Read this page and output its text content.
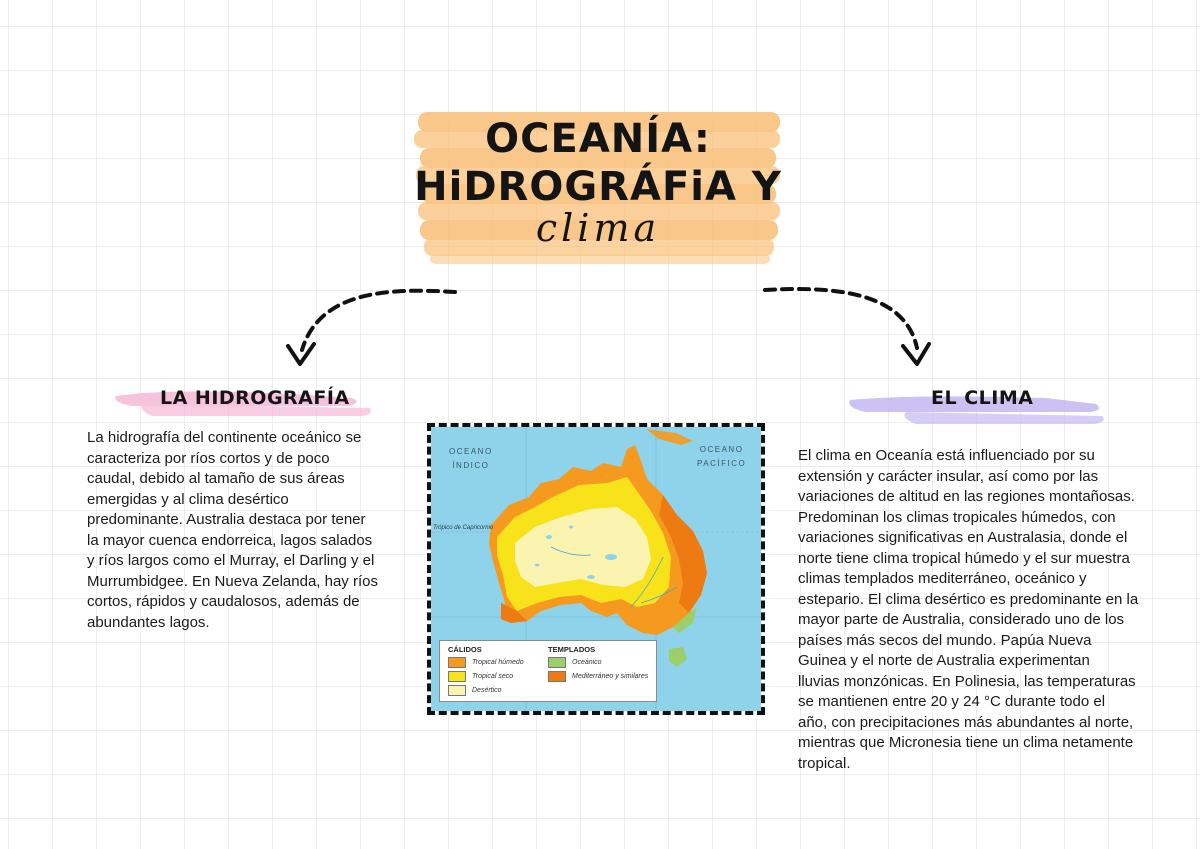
OCEANÍA:
HiDROGRÁFiA Y
clima
LA HIDROGRAFÍA
La hidrografía del continente oceánico se
caracteriza por ríos cortos y de poco
caudal, debido al tamaño de sus áreas
emergidas y al clima desértico
predominante. Australia destaca por tener
la mayor cuenca endorreica, lagos salados
y ríos largos como el Murray, el Darling y el
Murrumbidgee. En Nueva Zelanda, hay ríos
cortos, rápidos y caudalosos, además de
abundantes lagos.
EL CLIMA
El clima en Oceanía está influenciado por su
extensión y carácter insular, así como por las
variaciones de altitud en las regiones montañosas.
Predominan los climas tropicales húmedos, con
variaciones significativas en Australasia, donde el
norte tiene clima tropical húmedo y el sur muestra
climas templados mediterráneo, oceánico y
estepario. El clima desértico es predominante en la
mayor parte de Australia, considerado uno de los
países más secos del mundo. Papúa Nueva
Guinea y el norte de Australia experimentan
lluvias monzónicas. En Polinesia, las temperaturas
se mantienen entre 20 y 24 °C durante todo el
año, con precipitaciones más abundantes al norte,
mientras que Micronesia tiene un clima netamente
tropical.
Trópico de Capricornio
OCEANO
ÍNDICO
OCEANO
PACÍFICO
CÁLIDOS	TEMPLADOS
Tropical húmedo
Tropical seco
Desértico
Oceánico
Mediterráneo y similares
